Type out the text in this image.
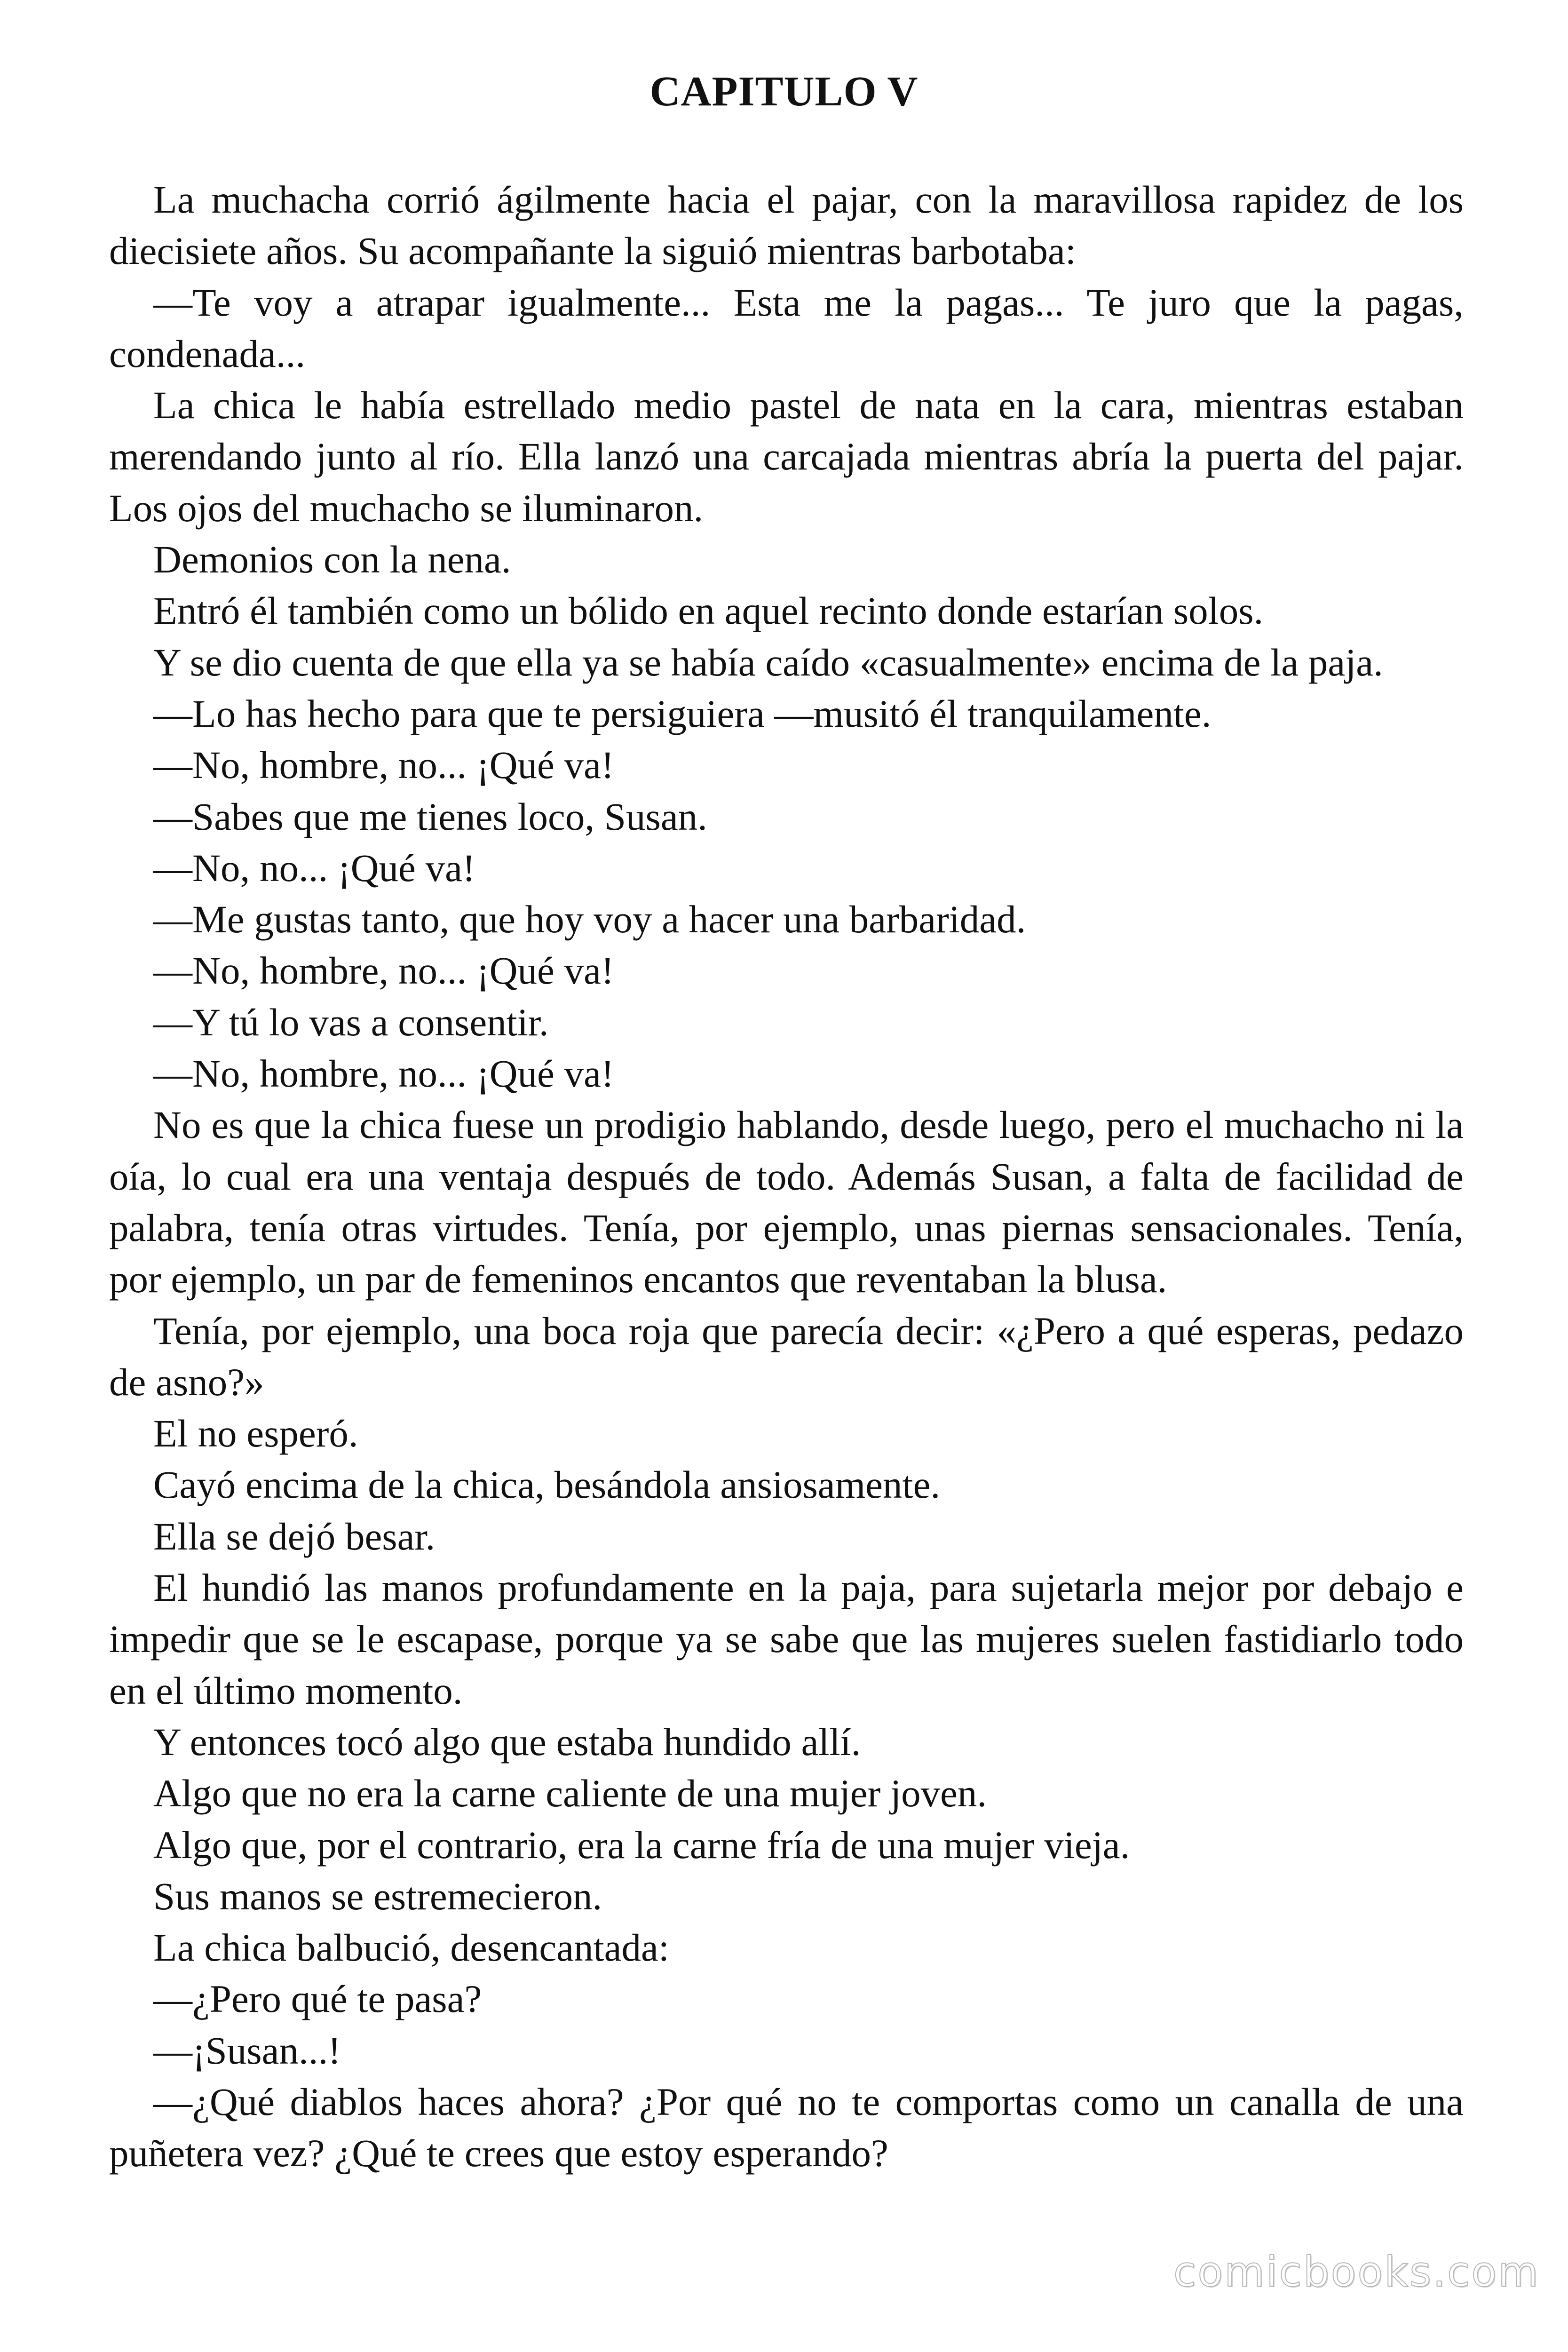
CAPITULO V

La muchacha corrió ágilmente hacia el pajar, con la maravillosa rapidez de los diecisiete años. Su acompañante la siguió mientras barbotaba:

—Te voy a atrapar igualmente... Esta me la pagas... Te juro que la pagas, condenada...

La chica le había estrellado medio pastel de nata en la cara, mientras estaban merendando junto al río. Ella lanzó una carcajada mientras abría la puerta del pajar. Los ojos del muchacho se iluminaron.

Demonios con la nena.

Entró él también como un bólido en aquel recinto donde estarían solos.

Y se dio cuenta de que ella ya se había caído «casualmente» encima de la paja.

—Lo has hecho para que te persiguiera —musitó él tranquilamente.

—No, hombre, no... ¡Qué va!

—Sabes que me tienes loco, Susan.

—No, no... ¡Qué va!

—Me gustas tanto, que hoy voy a hacer una barbaridad.

—No, hombre, no... ¡Qué va!

—Y tú lo vas a consentir.

—No, hombre, no... ¡Qué va!

No es que la chica fuese un prodigio hablando, desde luego, pero el muchacho ni la oía, lo cual era una ventaja después de todo. Además Susan, a falta de facilidad de palabra, tenía otras virtudes. Tenía, por ejemplo, unas piernas sensacionales. Tenía, por ejemplo, un par de femeninos encantos que reventaban la blusa.

Tenía, por ejemplo, una boca roja que parecía decir: «¿Pero a qué esperas, pedazo de asno?»

El no esperó.

Cayó encima de la chica, besándola ansiosamente.

Ella se dejó besar.

El hundió las manos profundamente en la paja, para sujetarla mejor por debajo e impedir que se le escapase, porque ya se sabe que las mujeres suelen fastidiarlo todo en el último momento.

Y entonces tocó algo que estaba hundido allí.

Algo que no era la carne caliente de una mujer joven.

Algo que, por el contrario, era la carne fría de una mujer vieja.

Sus manos se estremecieron.

La chica balbució, desencantada:

—¿Pero qué te pasa?

—¡Susan...!

—¿Qué diablos haces ahora? ¿Por qué no te comportas como un canalla de una puñetera vez? ¿Qué te crees que estoy esperando?

comicbooks.com
